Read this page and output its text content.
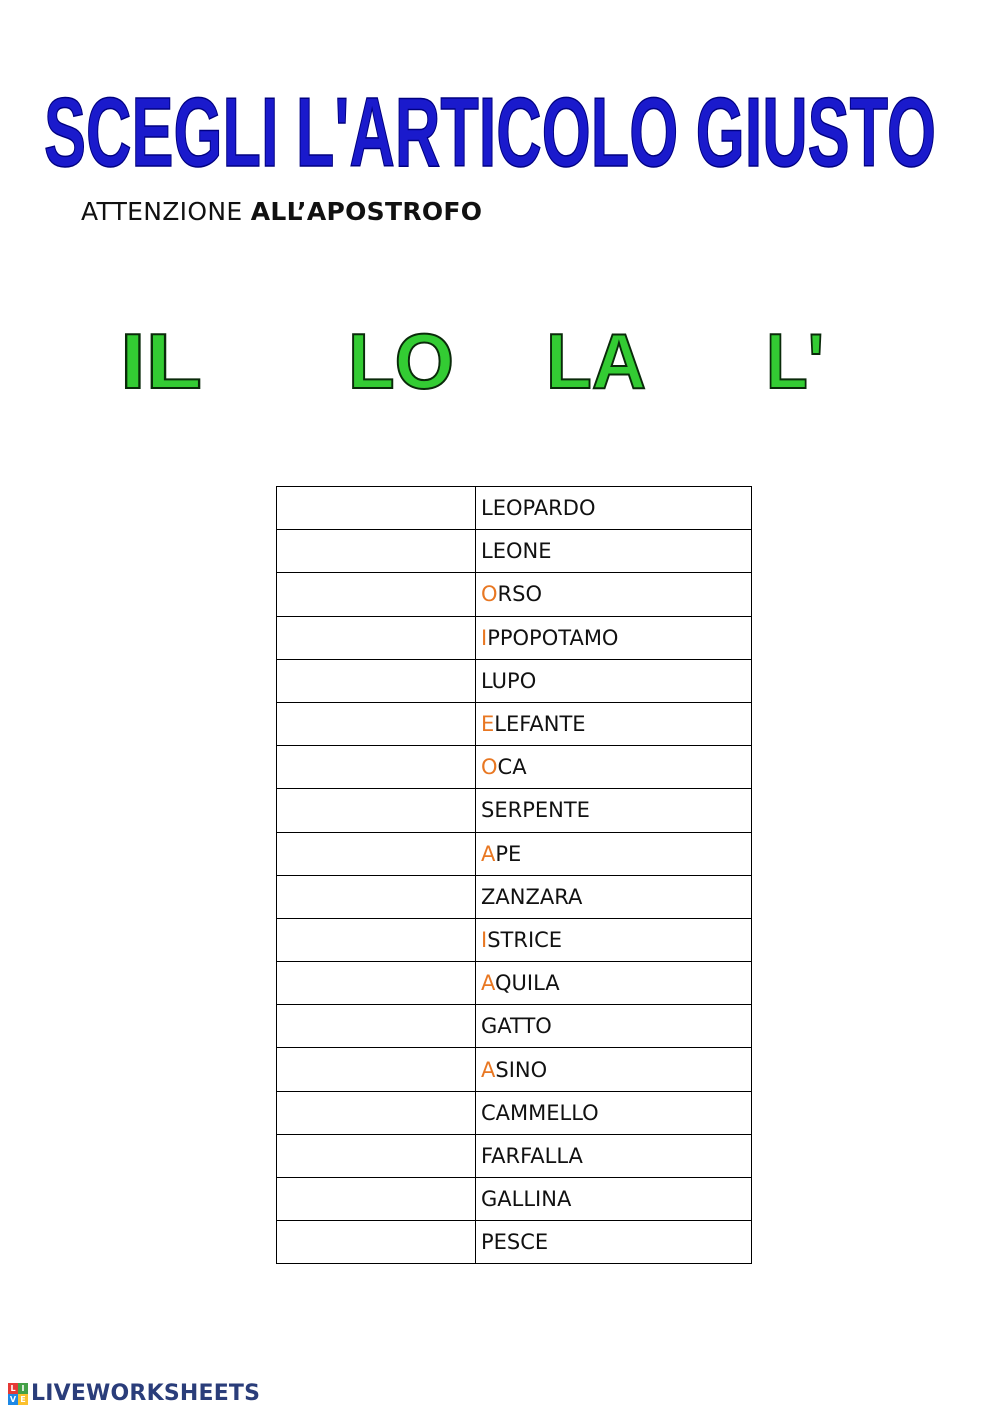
SCEGLI L'ARTICOLO GIUSTO
ATTENZIONE ALL’APOSTROFO
IL LO LA L'
	LEOPARDO
	LEONE
	ORSO
	IPPOPOTAMO
	LUPO
	ELEFANTE
	OCA
	SERPENTE
	APE
	ZANZARA
	ISTRICE
	AQUILA
	GATTO
	ASINO
	CAMMELLO
	FARFALLA
	GALLINA
	PESCE
L I
V E LIVEWORKSHEETS
